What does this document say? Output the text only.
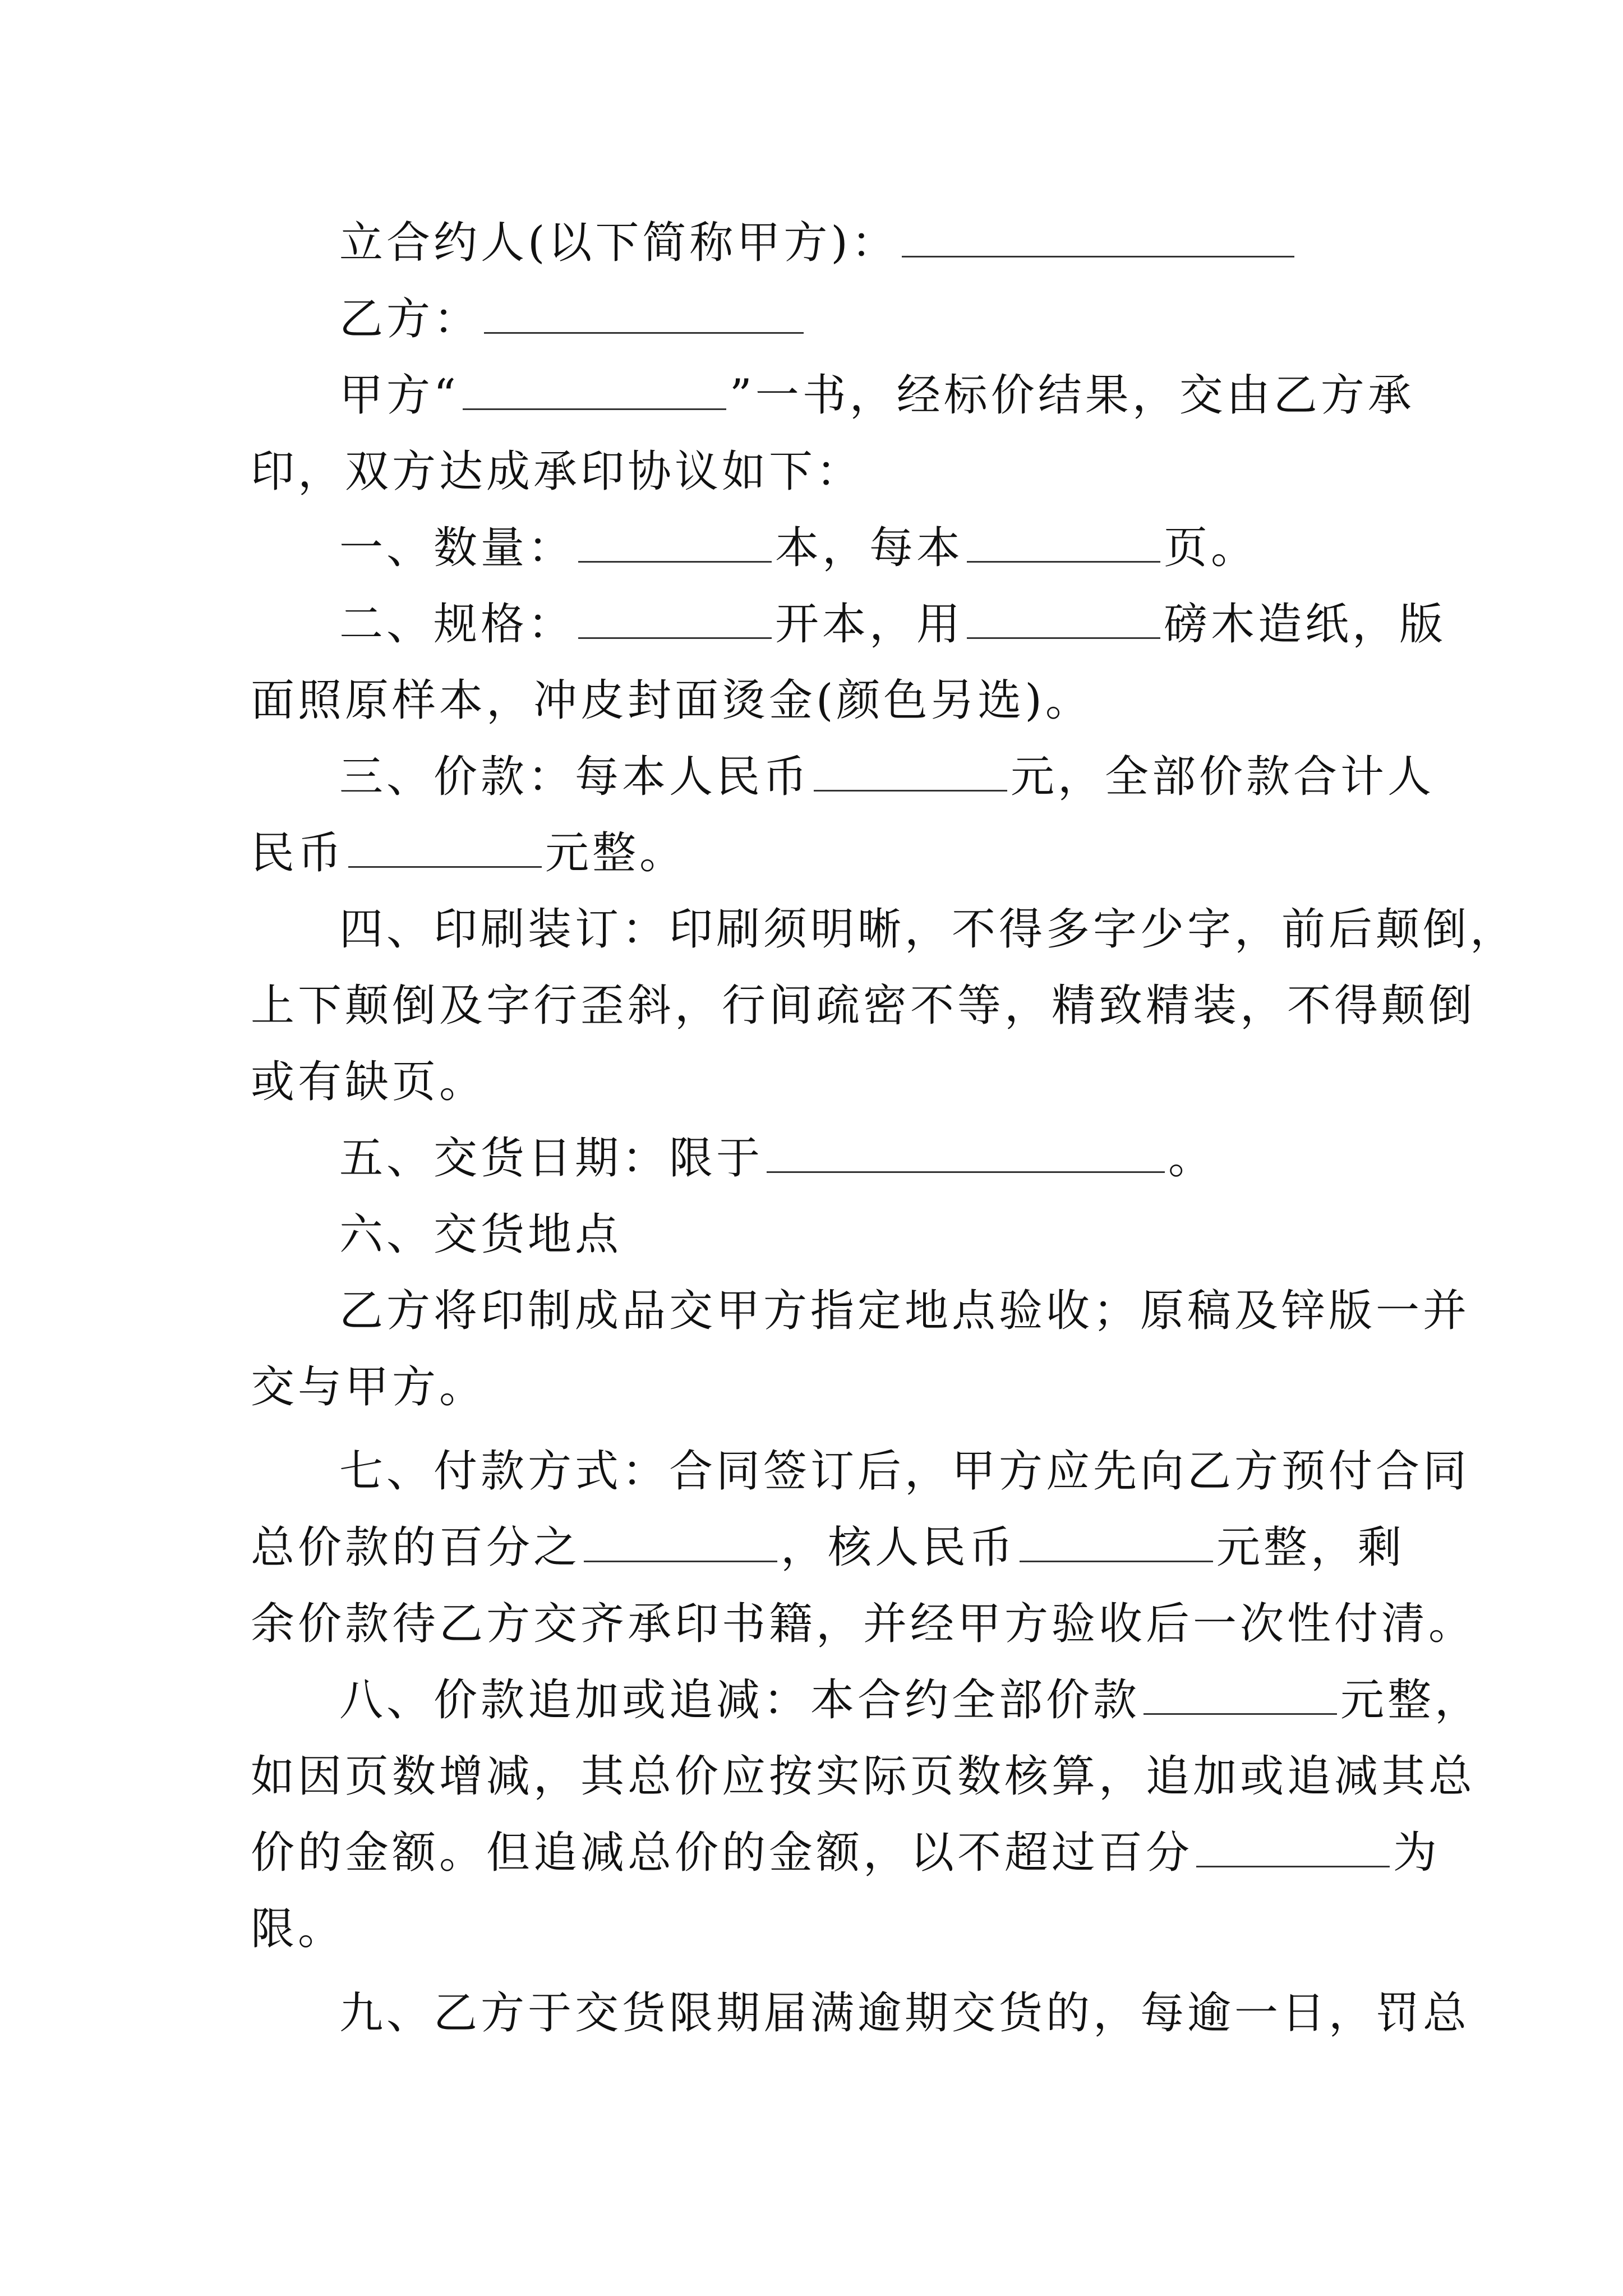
立合约人(以下简称甲方)：
乙方：
甲方“	”一书，经标价结果，交由乙方承
印，双方达成承印协议如下：
一、数量：	本，每本	页。
二、规格：	开本，用	磅木造纸，版
面照原样本，冲皮封面烫金(颜色另选)。
三、价款：每本人民币	元，全部价款合计人
民币	元整。
四、印刷装订：印刷须明晰，不得多字少字，前后颠倒，
上下颠倒及字行歪斜，行间疏密不等，精致精装，不得颠倒
或有缺页。
五、交货日期：限于	。
六、交货地点
乙方将印制成品交甲方指定地点验收；原稿及锌版一并
交与甲方。
七、付款方式：合同签订后，甲方应先向乙方预付合同
总价款的百分之	，核人民币	元整，剩
余价款待乙方交齐承印书籍，并经甲方验收后一次性付清。
八、价款追加或追减：本合约全部价款	元整，
如因页数增减，其总价应按实际页数核算，追加或追减其总
价的金额。但追减总价的金额，以不超过百分	为
限。
九、乙方于交货限期届满逾期交货的，每逾一日，罚总
